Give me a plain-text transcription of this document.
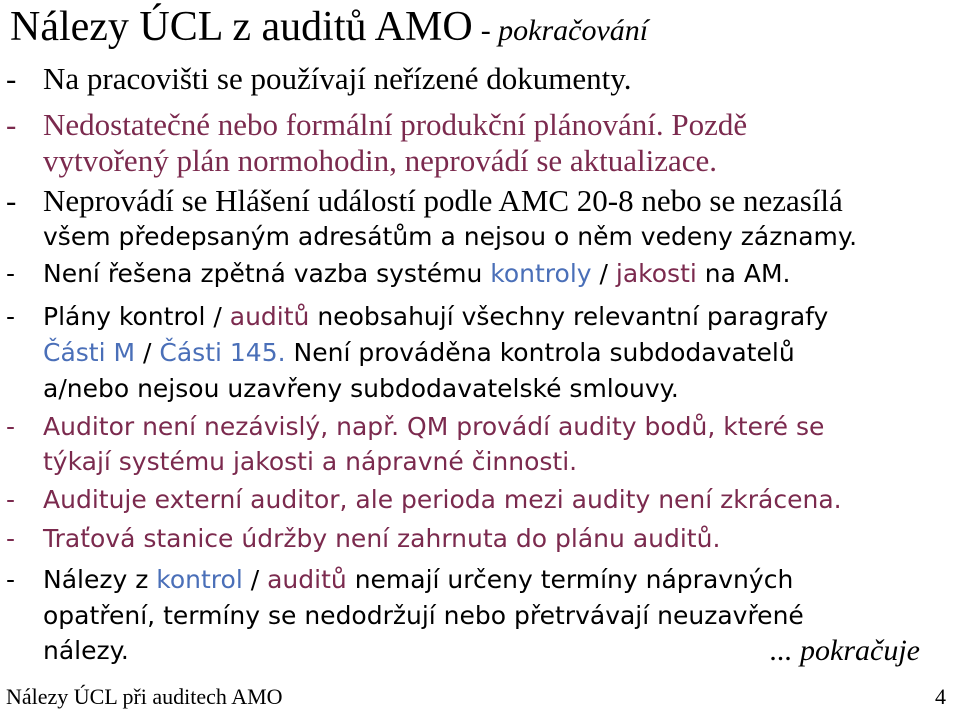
Nálezy ÚCL z auditů AMO - pokračování
- Na pracovišti se používají neřízené dokumenty.
- Nedostatečné nebo formální produkční plánování. Pozdě
vytvořený plán normohodin, neprovádí se aktualizace.
- Neprovádí se Hlášení událostí podle AMC 20-8 nebo se nezasílá
všem předepsaným adresátům a nejsou o něm vedeny záznamy.
-	Není řešena zpětná vazba systému kontroly / jakosti na AM.
-	Plány kontrol / auditů neobsahují všechny relevantní paragrafy
Části M / Části 145. Není prováděna kontrola subdodavatelů
a/nebo nejsou uzavřeny subdodavatelské smlouvy.
-	Auditor není nezávislý, např. QM provádí audity bodů, které se
týkají systému jakosti a nápravné činnosti.
-	Audituje externí auditor, ale perioda mezi audity není zkrácena.
-	Traťová stanice údržby není zahrnuta do plánu auditů.
-	Nálezy z kontrol / auditů nemají určeny termíny nápravných
opatření, termíny se nedodržují nebo přetrvávají neuzavřené
nálezy.	... pokračuje
Nálezy ÚCL při auditech AMO	4
